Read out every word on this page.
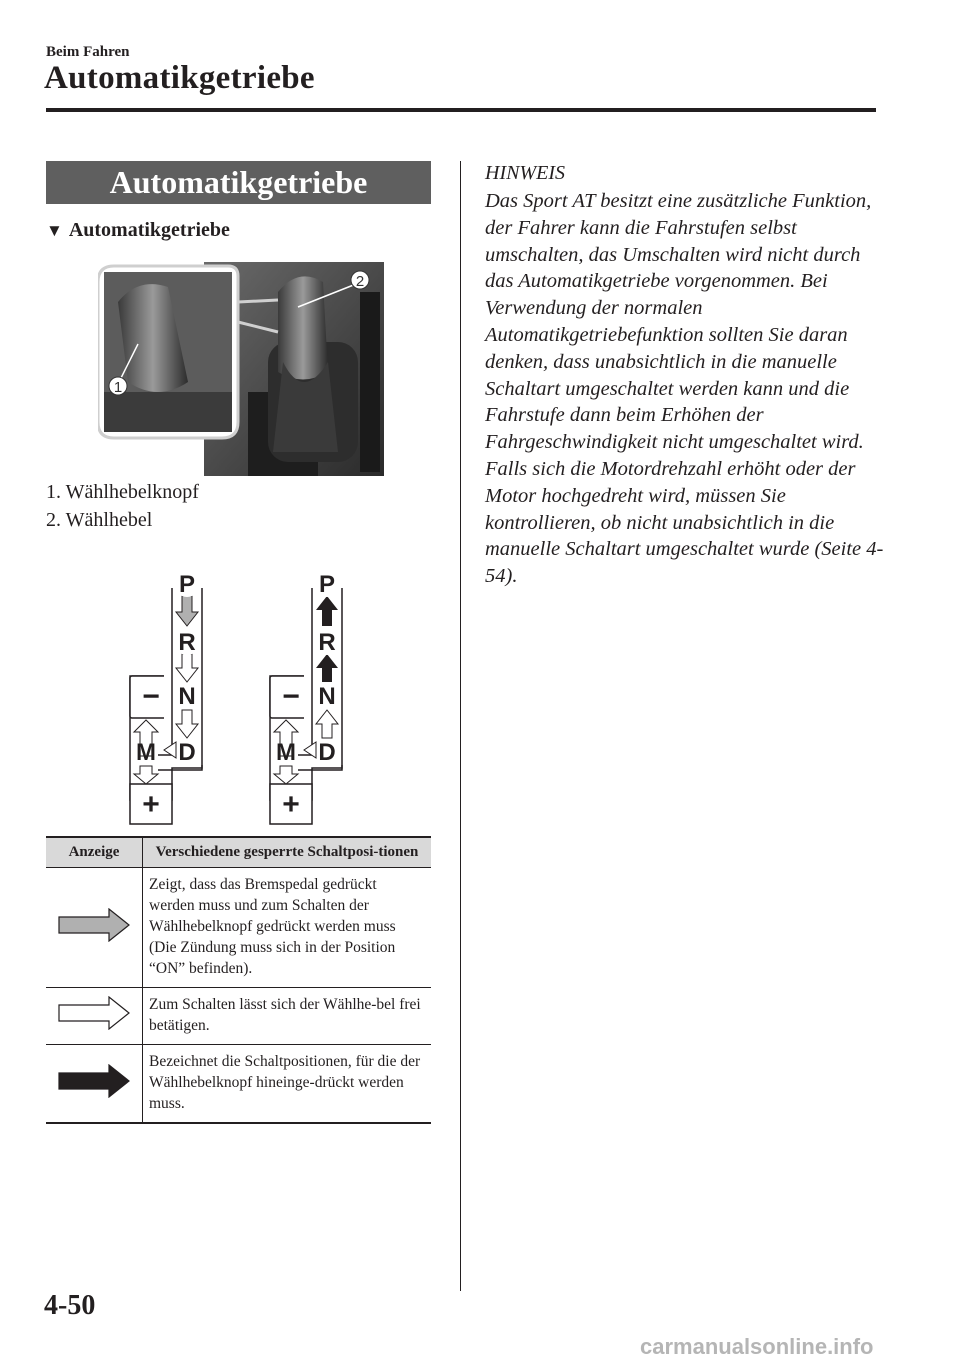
Beim Fahren
Automatikgetriebe
Automatikgetriebe
▼ Automatikgetriebe
2
1
1. Wählhebelknopf
2. Wählhebel
P
R
N
D
M
−
+
P
R
N
D
M
−
+
Anzeige	Verschiedene gesperrte Schaltposi-tionen
	Zeigt, dass das Bremspedal gedrückt werden muss und zum Schalten der Wählhebelknopf gedrückt werden muss (Die Zündung muss sich in der Position “ON” befinden).
	Zum Schalten lässt sich der Wählhe-bel frei betätigen.
	Bezeichnet die Schaltpositionen, für die der Wählhebelknopf hineinge-drückt werden muss.
HINWEIS
Das Sport AT besitzt eine zusätzliche Funktion, der Fahrer kann die Fahrstufen selbst umschalten, das Umschalten wird nicht durch das Automatikgetriebe vorgenommen. Bei Verwendung der normalen Automatikgetriebefunktion sollten Sie daran denken, dass unabsichtlich in die manuelle Schaltart umgeschaltet werden kann und die Fahrstufe dann beim Erhöhen der Fahrgeschwindigkeit nicht umgeschaltet wird. Falls sich die Motordrehzahl erhöht oder der Motor hochgedreht wird, müssen Sie kontrollieren, ob nicht unabsichtlich in die manuelle Schaltart umgeschaltet wurde (Seite 4-54).
4-50
carmanualsonline.info
